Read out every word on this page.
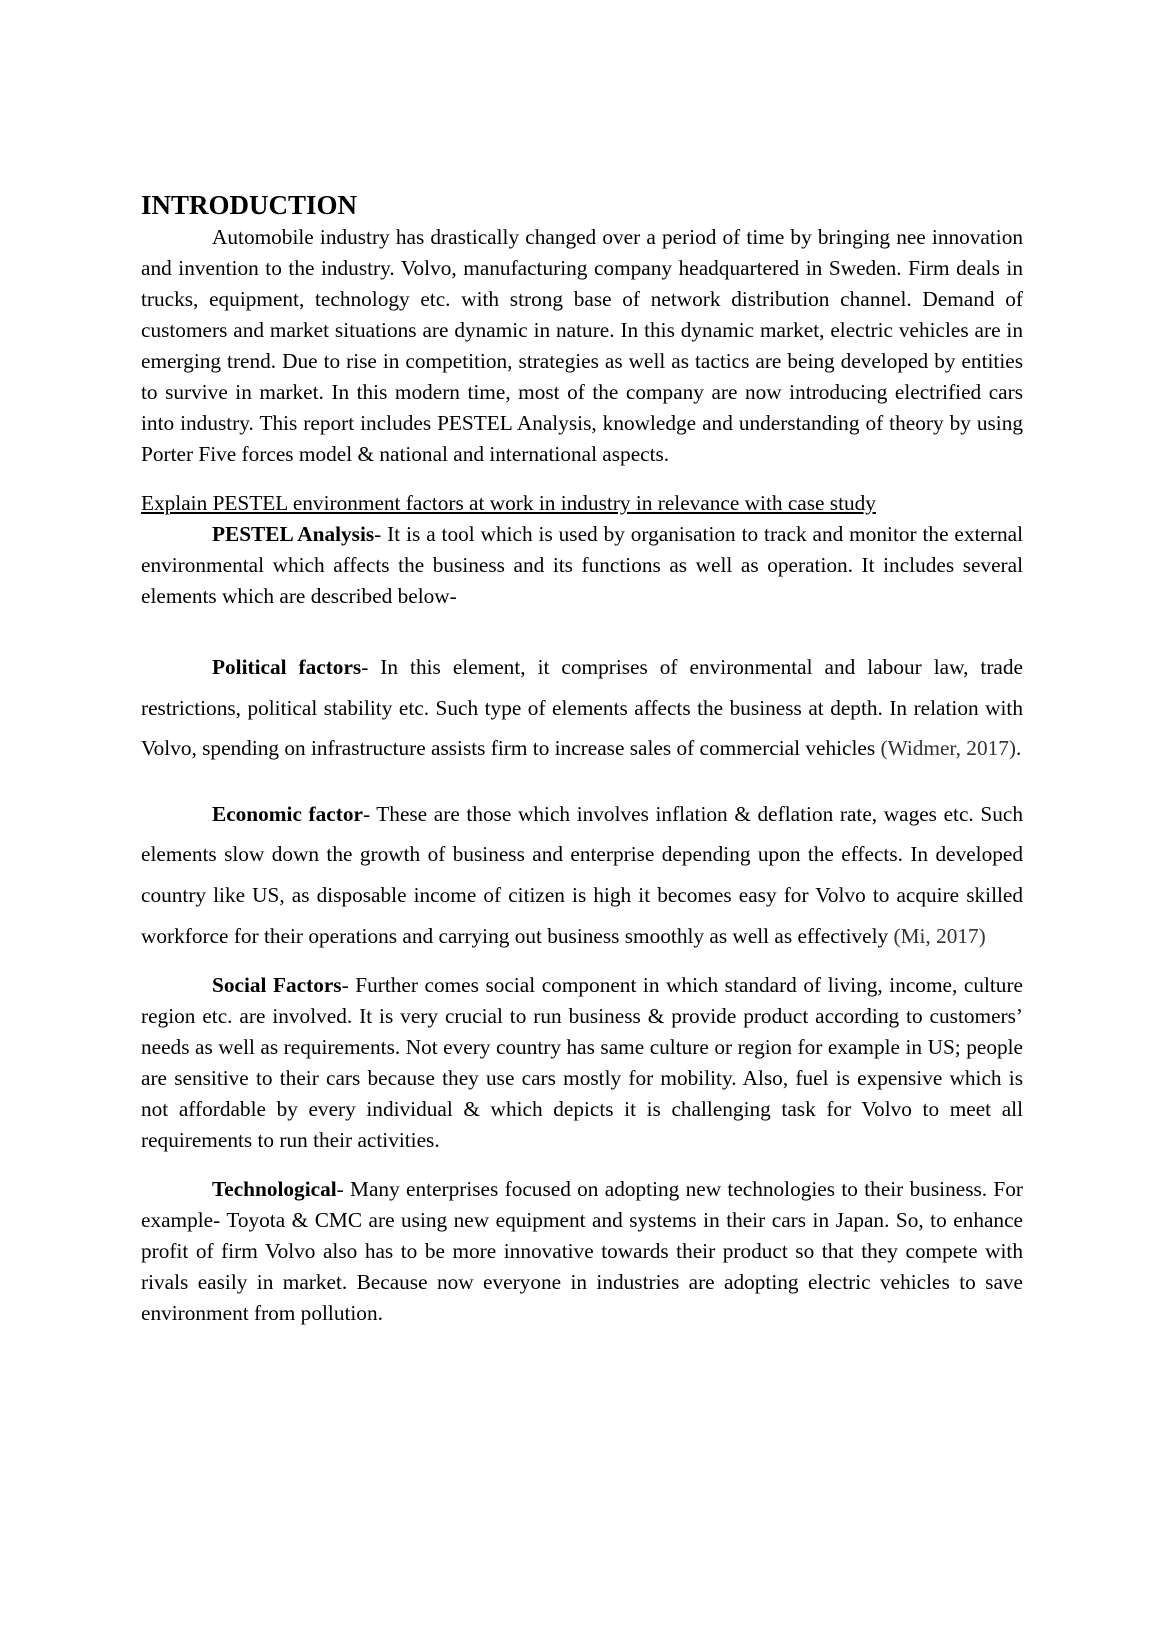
INTRODUCTION

Automobile industry has drastically changed over a period of time by bringing nee innovation and invention to the industry. Volvo, manufacturing company headquartered in Sweden. Firm deals in trucks, equipment, technology etc. with strong base of network distribution channel. Demand of customers and market situations are dynamic in nature. In this dynamic market, electric vehicles are in emerging trend. Due to rise in competition, strategies as well as tactics are being developed by entities to survive in market. In this modern time, most of the company are now introducing electrified cars into industry. This report includes PESTEL Analysis, knowledge and understanding of theory by using Porter Five forces model & national and international aspects.

Explain PESTEL environment factors at work in industry in relevance with case study

PESTEL Analysis- It is a tool which is used by organisation to track and monitor the external environmental which affects the business and its functions as well as operation. It includes several elements which are described below-

Political factors- In this element, it comprises of environmental and labour law, trade restrictions, political stability etc. Such type of elements affects the business at depth. In relation with Volvo, spending on infrastructure assists firm to increase sales of commercial vehicles (Widmer, 2017).

Economic factor- These are those which involves inflation & deflation rate, wages etc. Such elements slow down the growth of business and enterprise depending upon the effects. In developed country like US, as disposable income of citizen is high it becomes easy for Volvo to acquire skilled workforce for their operations and carrying out business smoothly as well as effectively (Mi, 2017)

Social Factors- Further comes social component in which standard of living, income, culture region etc. are involved. It is very crucial to run business & provide product according to customers’ needs as well as requirements. Not every country has same culture or region for example in US; people are sensitive to their cars because they use cars mostly for mobility. Also, fuel is expensive which is not affordable by every individual & which depicts it is challenging task for Volvo to meet all requirements to run their activities.

Technological- Many enterprises focused on adopting new technologies to their business. For example- Toyota & CMC are using new equipment and systems in their cars in Japan. So, to enhance profit of firm Volvo also has to be more innovative towards their product so that they compete with rivals easily in market. Because now everyone in industries are adopting electric vehicles to save environment from pollution.
